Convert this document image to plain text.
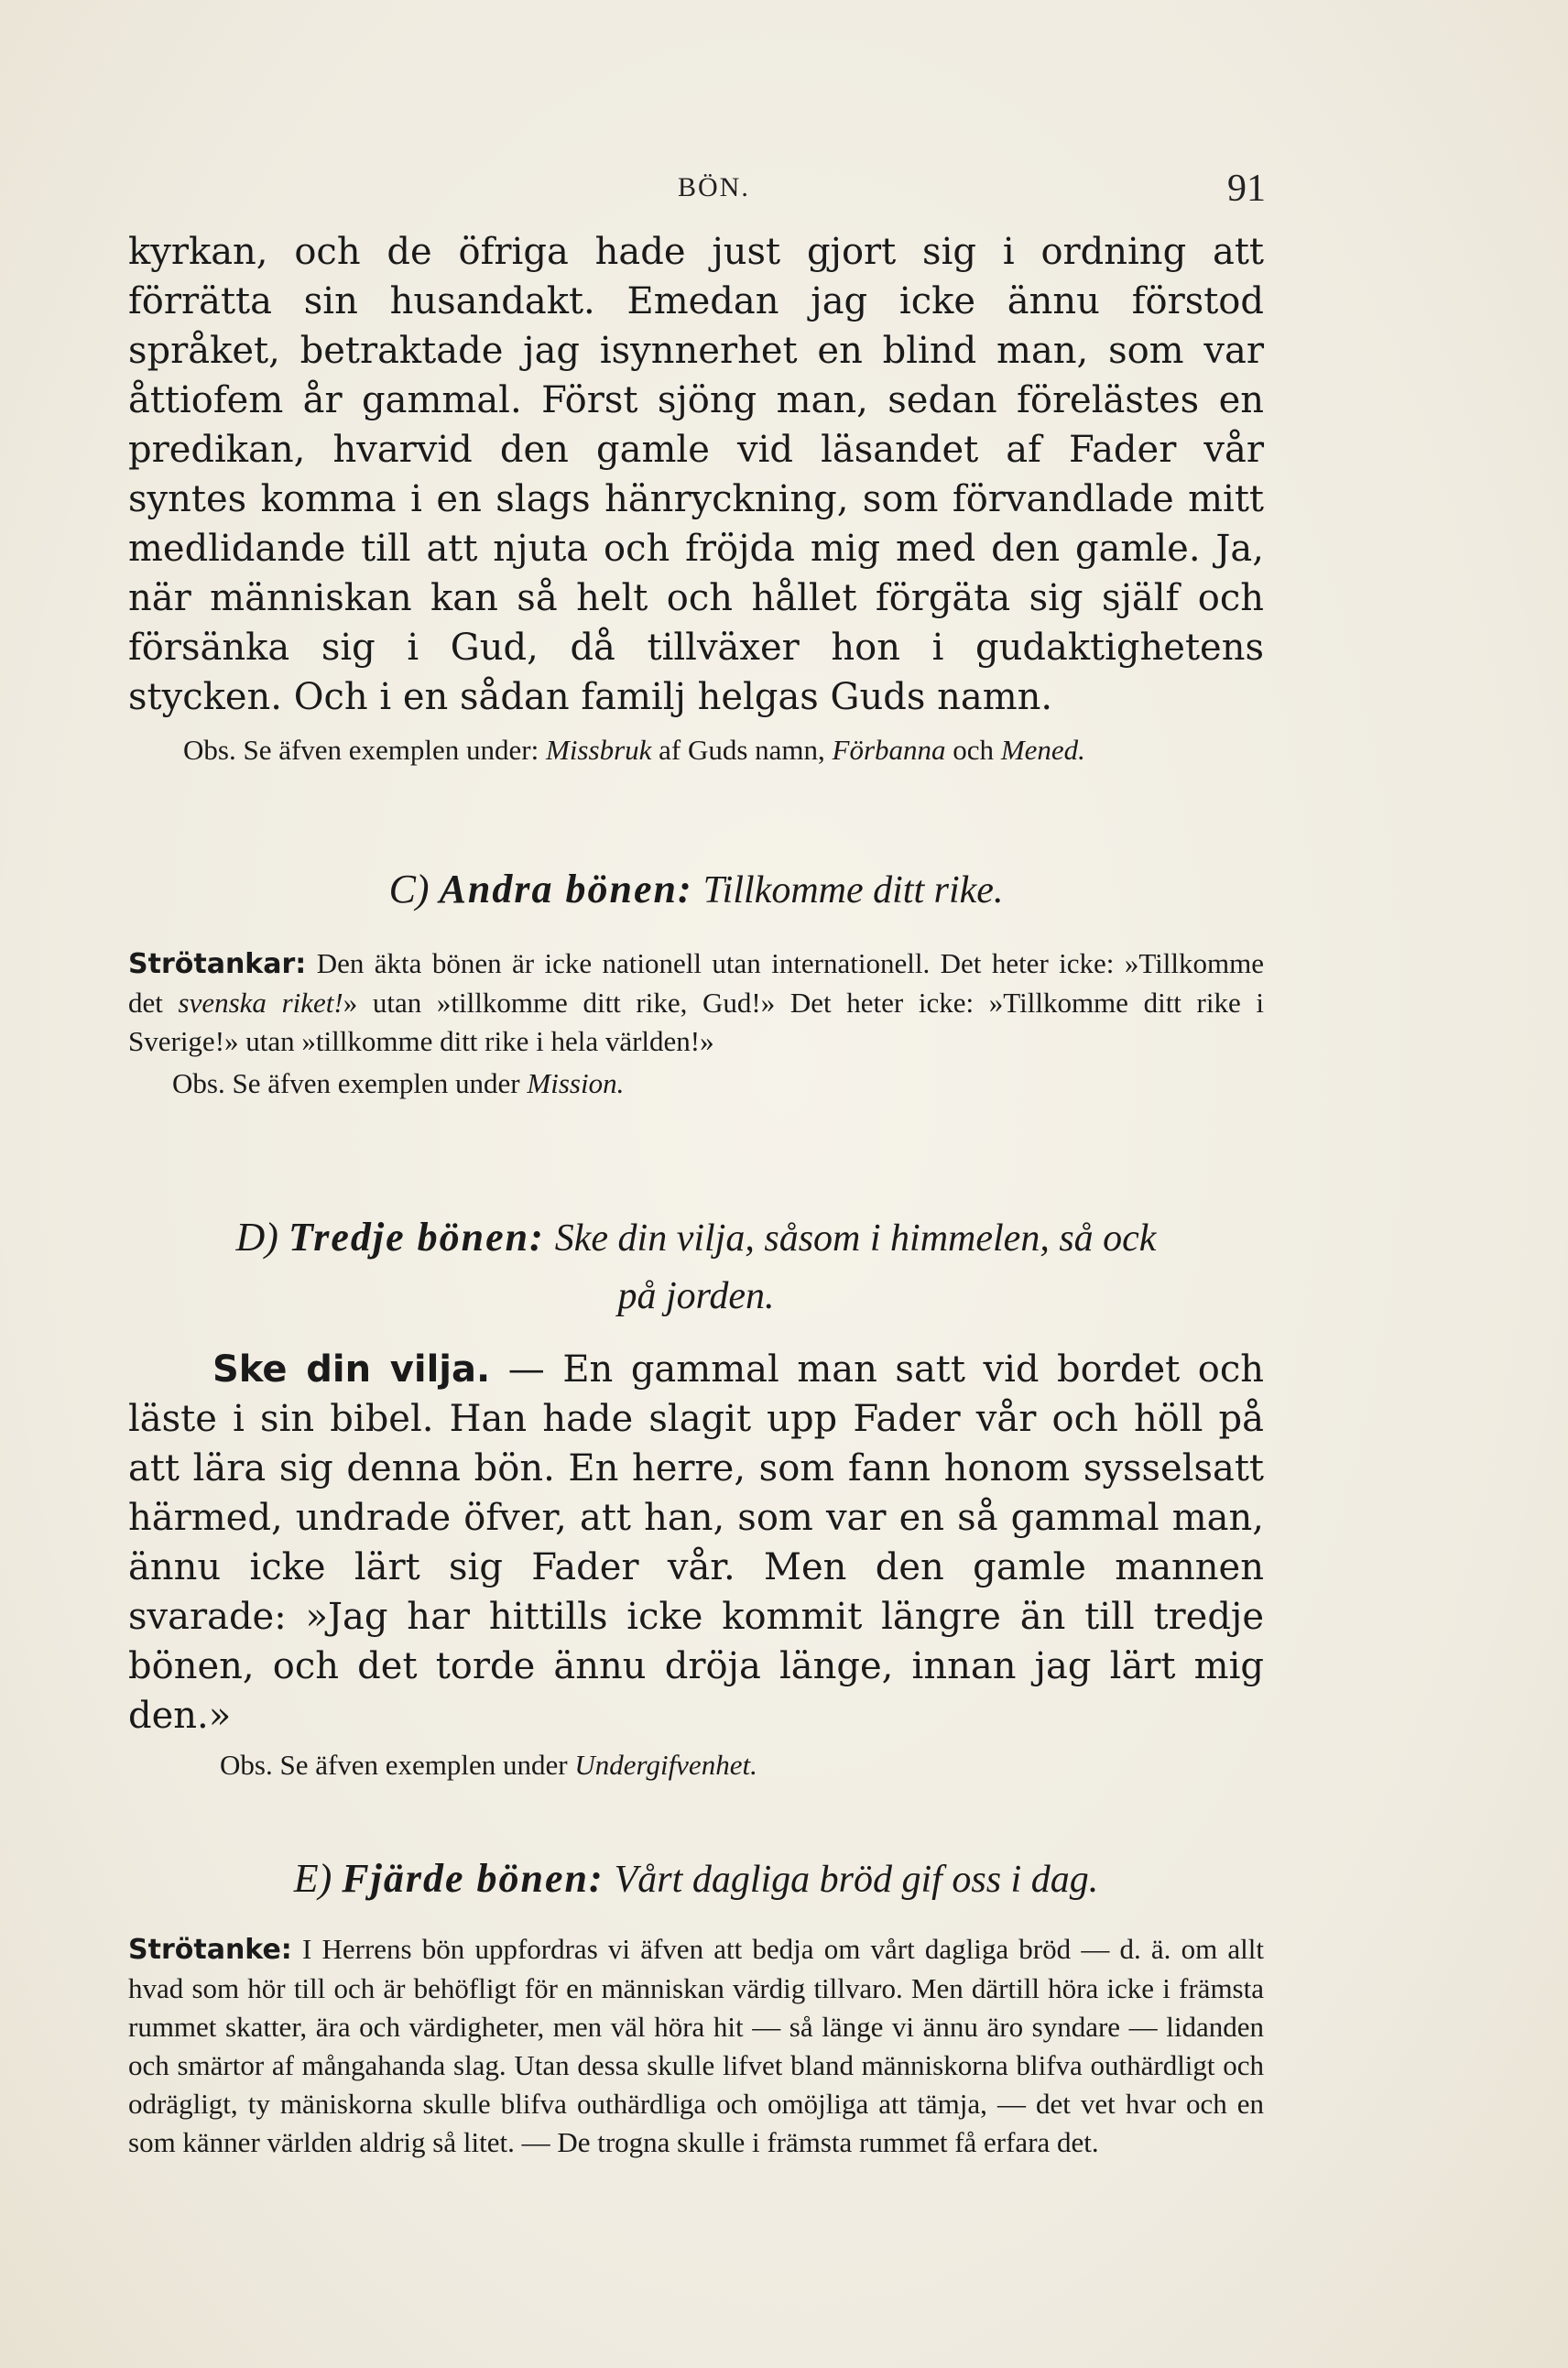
BÖN.	91

kyrkan, och de öfriga hade just gjort sig i ordning att förrätta sin husandakt. Emedan jag icke ännu förstod språket, betraktade jag isynnerhet en blind man, som var åttiofem år gammal. Först sjöng man, sedan förelästes en predikan, hvarvid den gamle vid läsandet af Fader vår syntes komma i en slags hänryckning, som förvandlade mitt medlidande till att njuta och fröjda mig med den gamle. Ja, när människan kan så helt och hållet förgäta sig själf och försänka sig i Gud, då tillväxer hon i gudaktighetens stycken. Och i en sådan familj helgas Guds namn.

Obs. Se äfven exemplen under: Missbruk af Guds namn, Förbanna och Mened.

C) Andra bönen: Tillkomme ditt rike.

Strötankar: Den äkta bönen är icke nationell utan internationell. Det heter icke: »Tillkomme det svenska riket!» utan »tillkomme ditt rike, Gud!» Det heter icke: »Tillkomme ditt rike i Sverige!» utan »tillkomme ditt rike i hela världen!»

Obs. Se äfven exemplen under Mission.

D) Tredje bönen: Ske din vilja, såsom i himmelen, så ock
på jorden.

Ske din vilja. — En gammal man satt vid bordet och läste i sin bibel. Han hade slagit upp Fader vår och höll på att lära sig denna bön. En herre, som fann honom sysselsatt härmed, undrade öfver, att han, som var en så gammal man, ännu icke lärt sig Fader vår. Men den gamle mannen svarade: »Jag har hittills icke kommit längre än till tredje bönen, och det torde ännu dröja länge, innan jag lärt mig den.»

Obs. Se äfven exemplen under Undergifvenhet.

E) Fjärde bönen: Vårt dagliga bröd gif oss i dag.

Strötanke: I Herrens bön uppfordras vi äfven att bedja om vårt dagliga bröd — d. ä. om allt hvad som hör till och är behöfligt för en människan värdig tillvaro. Men därtill höra icke i främsta rummet skatter, ära och värdigheter, men väl höra hit — så länge vi ännu äro syndare — lidanden och smärtor af mångahanda slag. Utan dessa skulle lifvet bland människorna blifva outhärdligt och odrägligt, ty mäniskorna skulle blifva outhärdliga och omöjliga att tämja, — det vet hvar och en som känner världen aldrig så litet. — De trogna skulle i främsta rummet få erfara det.
